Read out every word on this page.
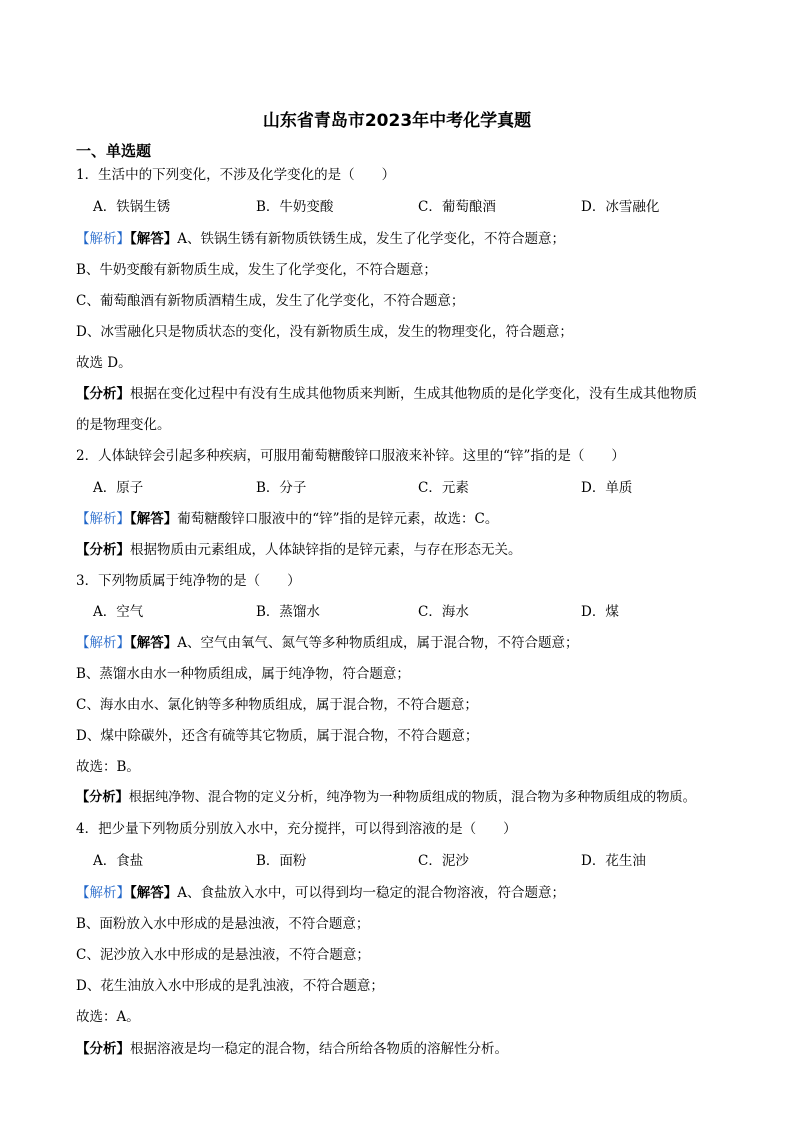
山东省青岛市2023年中考化学真题
一、单选题
1．生活中的下列变化，不涉及化学变化的是（　　）
A．铁锅生锈	B．牛奶变酸	C．葡萄酿酒	D．冰雪融化
【解析】【解答】A、铁锅生锈有新物质铁锈生成，发生了化学变化，不符合题意；
B、牛奶变酸有新物质生成，发生了化学变化，不符合题意；
C、葡萄酿酒有新物质酒精生成，发生了化学变化，不符合题意；
D、冰雪融化只是物质状态的变化，没有新物质生成，发生的物理变化，符合题意；
故选 D。
【分析】根据在变化过程中有没有生成其他物质来判断，生成其他物质的是化学变化，没有生成其他物质
的是物理变化。
2．人体缺锌会引起多种疾病，可服用葡萄糖酸锌口服液来补锌。这里的“锌”指的是（　　）
A．原子	B．分子	C．元素	D．单质
【解析】【解答】葡萄糖酸锌口服液中的“锌”指的是锌元素，故选：C。
【分析】根据物质由元素组成，人体缺锌指的是锌元素，与存在形态无关。
3．下列物质属于纯净物的是（　　）
A．空气	B．蒸馏水	C．海水	D．煤
【解析】【解答】A、空气由氧气、氮气等多种物质组成，属于混合物，不符合题意；
B、蒸馏水由水一种物质组成，属于纯净物，符合题意；
C、海水由水、氯化钠等多种物质组成，属于混合物，不符合题意；
D、煤中除碳外，还含有硫等其它物质，属于混合物，不符合题意；
故选：B。
【分析】根据纯净物、混合物的定义分析，纯净物为一种物质组成的物质，混合物为多种物质组成的物质。
4．把少量下列物质分别放入水中，充分搅拌，可以得到溶液的是（　　）
A．食盐	B．面粉	C．泥沙	D．花生油
【解析】【解答】A、食盐放入水中，可以得到均一稳定的混合物溶液，符合题意；
B、面粉放入水中形成的是悬浊液，不符合题意；
C、泥沙放入水中形成的是悬浊液，不符合题意；
D、花生油放入水中形成的是乳浊液，不符合题意；
故选：A。
【分析】根据溶液是均一稳定的混合物，结合所给各物质的溶解性分析。
